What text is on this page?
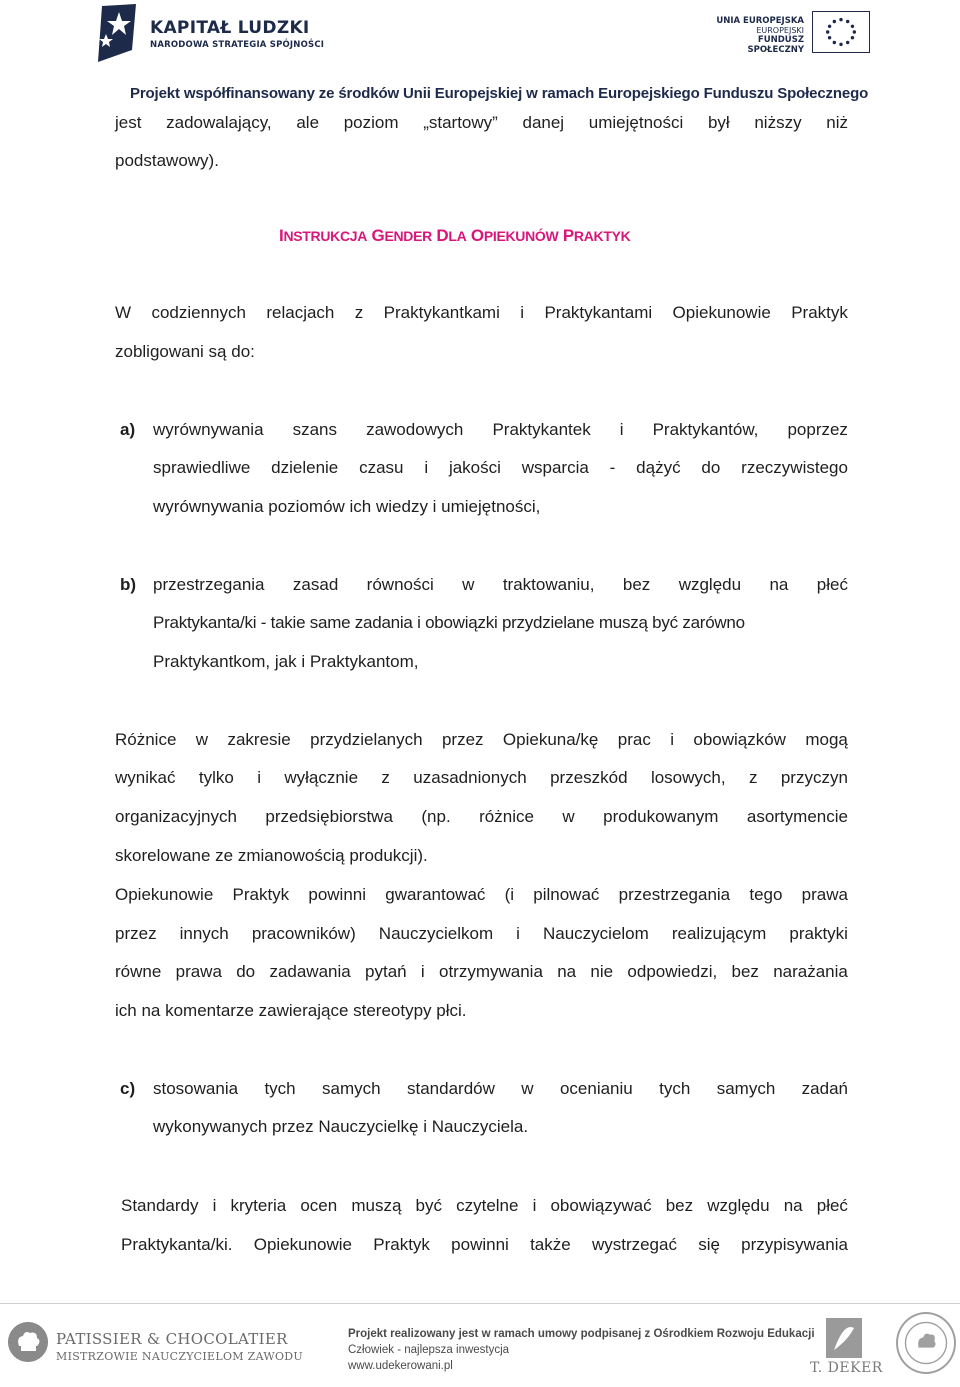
KAPITAŁ LUDZKI
NARODOWA STRATEGIA SPÓJNOŚCI
UNIA EUROPEJSKA
EUROPEJSKI
FUNDUSZ SPOŁECZNY
Projekt współfinansowany ze środków Unii Europejskiej w ramach Europejskiego Funduszu Społecznego
jest zadowalający, ale poziom „startowy” danej umiejętności był niższy niż
podstawowy).
INSTRUKCJA GENDER DLA OPIEKUNÓW PRAKTYK
W codziennych relacjach z Praktykantkami i Praktykantami Opiekunowie Praktyk
zobligowani są do:
a) wyrównywania szans zawodowych Praktykantek i Praktykantów, poprzez
sprawiedliwe dzielenie czasu i jakości wsparcia - dążyć do rzeczywistego
wyrównywania poziomów ich wiedzy i umiejętności,
b) przestrzegania zasad równości w traktowaniu, bez względu na płeć
Praktykanta/ki - takie same zadania i obowiązki przydzielane muszą być zarówno
Praktykantkom, jak i Praktykantom,
Różnice w zakresie przydzielanych przez Opiekuna/kę prac i obowiązków mogą
wynikać tylko i wyłącznie z uzasadnionych przeszkód losowych, z przyczyn
organizacyjnych przedsiębiorstwa (np. różnice w produkowanym asortymencie
skorelowane ze zmianowością produkcji).
Opiekunowie Praktyk powinni gwarantować (i pilnować przestrzegania tego prawa
przez innych pracowników) Nauczycielkom i Nauczycielom realizującym praktyki
równe prawa do zadawania pytań i otrzymywania na nie odpowiedzi, bez narażania
ich na komentarze zawierające stereotypy płci.
c) stosowania tych samych standardów w ocenianiu tych samych zadań
wykonywanych przez Nauczycielkę i Nauczyciela.
Standardy i kryteria ocen muszą być czytelne i obowiązywać bez względu na płeć
Praktykanta/ki. Opiekunowie Praktyk powinni także wystrzegać się przypisywania
PATISSIER & CHOCOLATIER
MISTRZOWIE NAUCZYCIELOM ZAWODU
Projekt realizowany jest w ramach umowy podpisanej z Ośrodkiem Rozwoju Edukacji
Człowiek - najlepsza inwestycja
www.udekerowani.pl	T. DEKER
